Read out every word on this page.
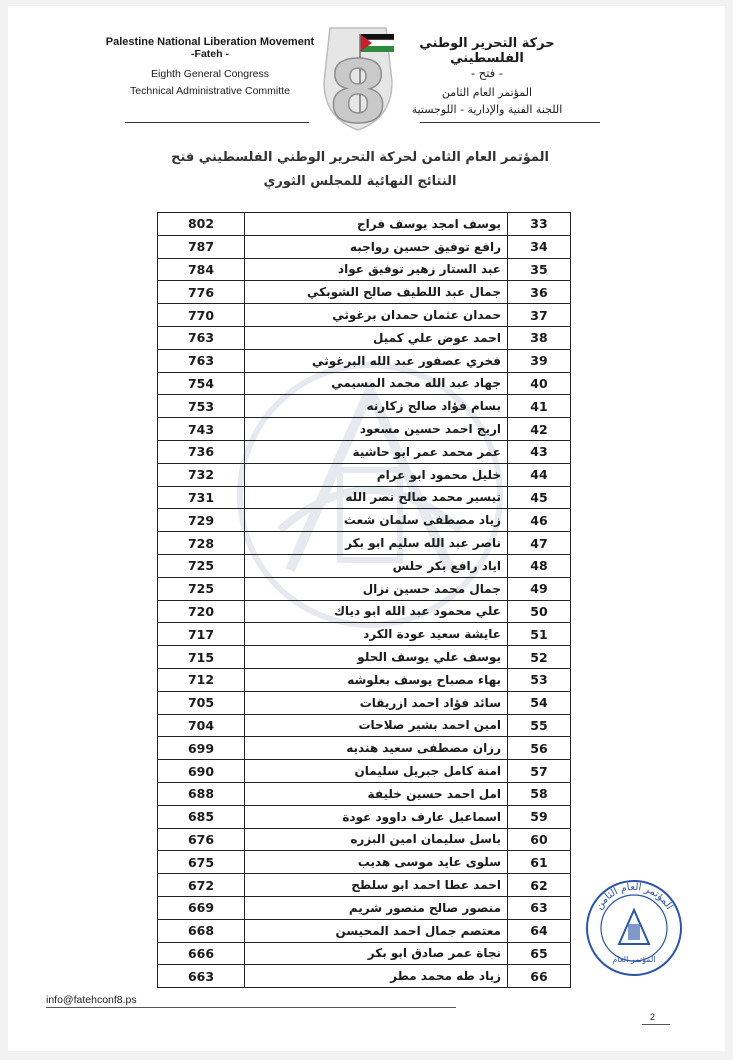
Palestine National Liberation Movement
-Fateh -
Eighth General Congress
Technical Administrative Committe 8	حركة التحرير الوطني الفلسطيني
- فتح -
المؤتمر العام الثامن
اللجنة الفنية والإدارية - اللوجستية
المؤتمر العام الثامن لحركة التحرير الوطني الفلسطيني فتح
النتائج النهائية للمجلس الثوري
33	يوسف امجد يوسف فراج	802
34	رافع توفيق حسين رواجبه	787
35	عبد الستار زهير توفيق عواد	784
36	جمال عبد اللطيف صالح الشوبكي	776
37	حمدان عثمان حمدان برغوثي	770
38	احمد عوض علي كميل	763
39	فخري عصفور عبد الله البرغوثي	763
40	جهاد عبد الله محمد المسيمي	754
41	بسام فؤاد صالح زكارنه	753
42	اريج احمد حسين مسعود	743
43	عمر محمد عمر ابو حاشية	736
44	خليل محمود ابو عرام	732
45	تيسير محمد صالح نصر الله	731
46	زياد مصطفى سلمان شعث	729
47	ناصر عبد الله سليم ابو بكر	728
48	اياد رافع بكر حلس	725
49	جمال محمد حسين نزال	725
50	علي محمود عبد الله ابو دياك	720
51	عايشة سعيد عودة الكرد	717
52	يوسف علي يوسف الحلو	715
53	بهاء مصباح يوسف بعلوشه	712
54	سائد فؤاد احمد ازريقات	705
55	امين احمد بشير صلاحات	704
56	رزان مصطفى سعيد هنديه	699
57	امنة كامل جبريل سليمان	690
58	امل احمد حسين خليفة	688
59	اسماعيل عارف داوود عودة	685
60	باسل سليمان امين البزره	676
61	سلوى عايد موسى هديب	675
62	احمد عطا احمد ابو سلطح	672
63	منصور صالح منصور شريم	669
64	معتصم جمال احمد المحيسن	668
65	نجاة عمر صادق ابو بكر	666
66	زياد طه محمد مطر	663
المؤتمر العام الثامن
المؤتمر العام
info@fatehconf8.ps
2
